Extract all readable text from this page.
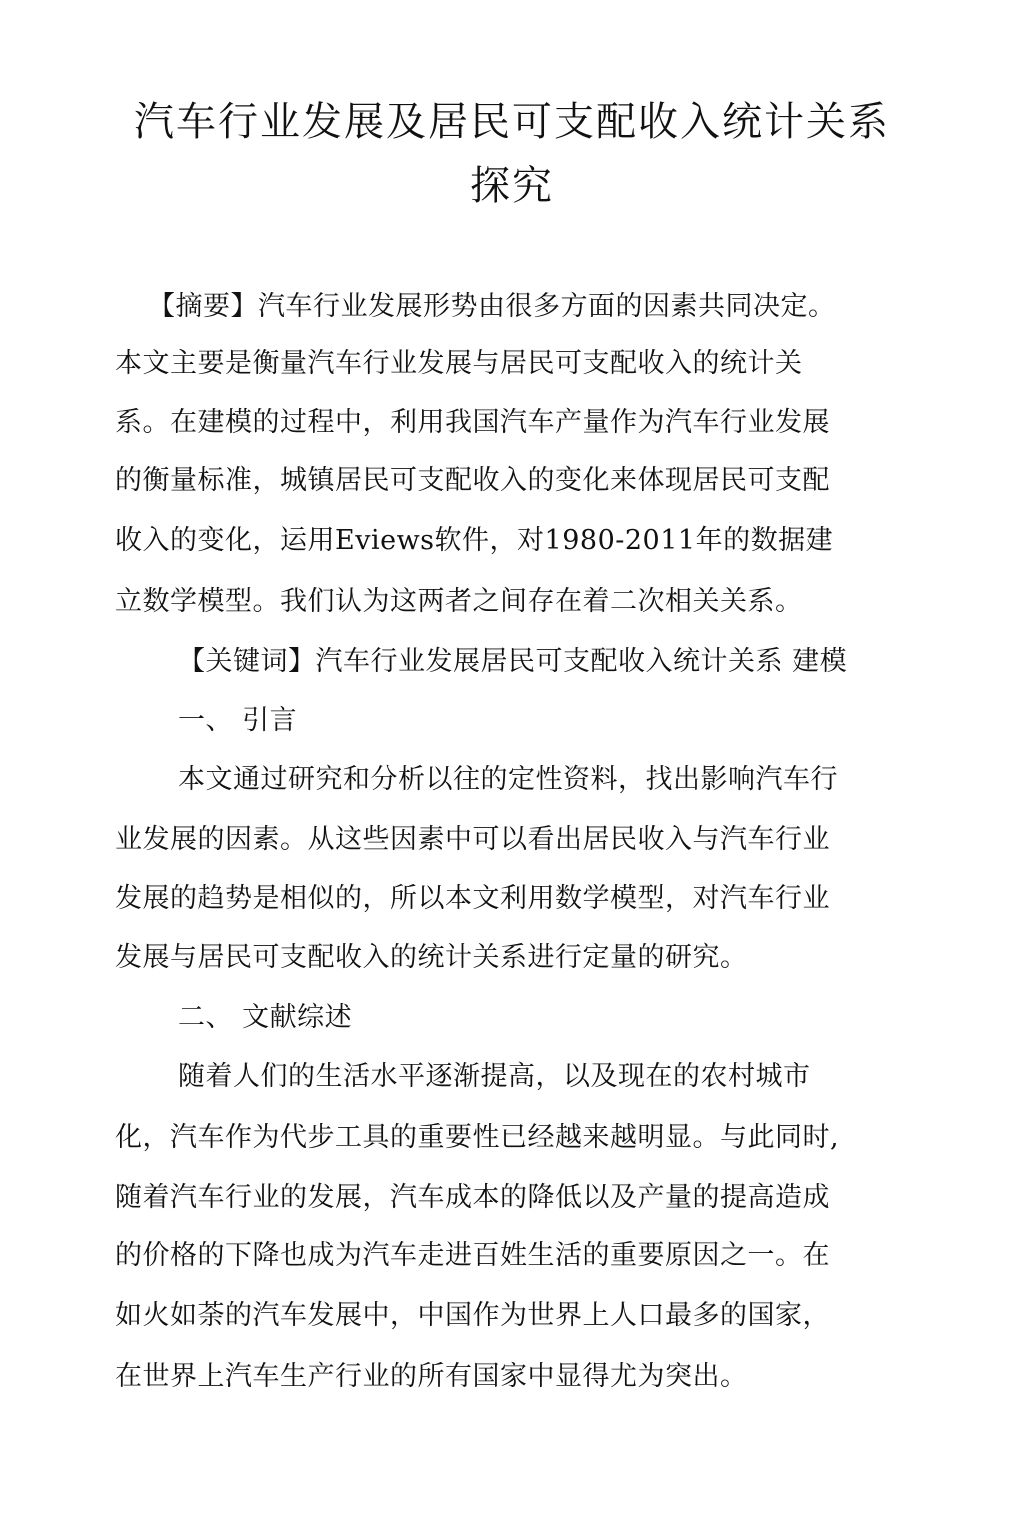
汽车行业发展及居民可支配收入统计关系
探究
【摘要】汽车行业发展形势由很多方面的因素共同决定。
本文主要是衡量汽车行业发展与居民可支配收入的统计关
系。在建模的过程中，利用我国汽车产量作为汽车行业发展
的衡量标准，城镇居民可支配收入的变化来体现居民可支配
收入的变化，运用Eviews软件，对1980-2011年的数据建
立数学模型。我们认为这两者之间存在着二次相关关系。
【关键词】汽车行业发展居民可支配收入统计关系 建模
一、 引言
本文通过研究和分析以往的定性资料，找出影响汽车行
业发展的因素。从这些因素中可以看出居民收入与汽车行业
发展的趋势是相似的，所以本文利用数学模型，对汽车行业
发展与居民可支配收入的统计关系进行定量的研究。
二、 文献综述
随着人们的生活水平逐渐提高，以及现在的农村城市
化，汽车作为代步工具的重要性已经越来越明显。与此同时,
随着汽车行业的发展，汽车成本的降低以及产量的提高造成
的价格的下降也成为汽车走进百姓生活的重要原因之一。在
如火如荼的汽车发展中，中国作为世界上人口最多的国家，
在世界上汽车生产行业的所有国家中显得尤为突出。
